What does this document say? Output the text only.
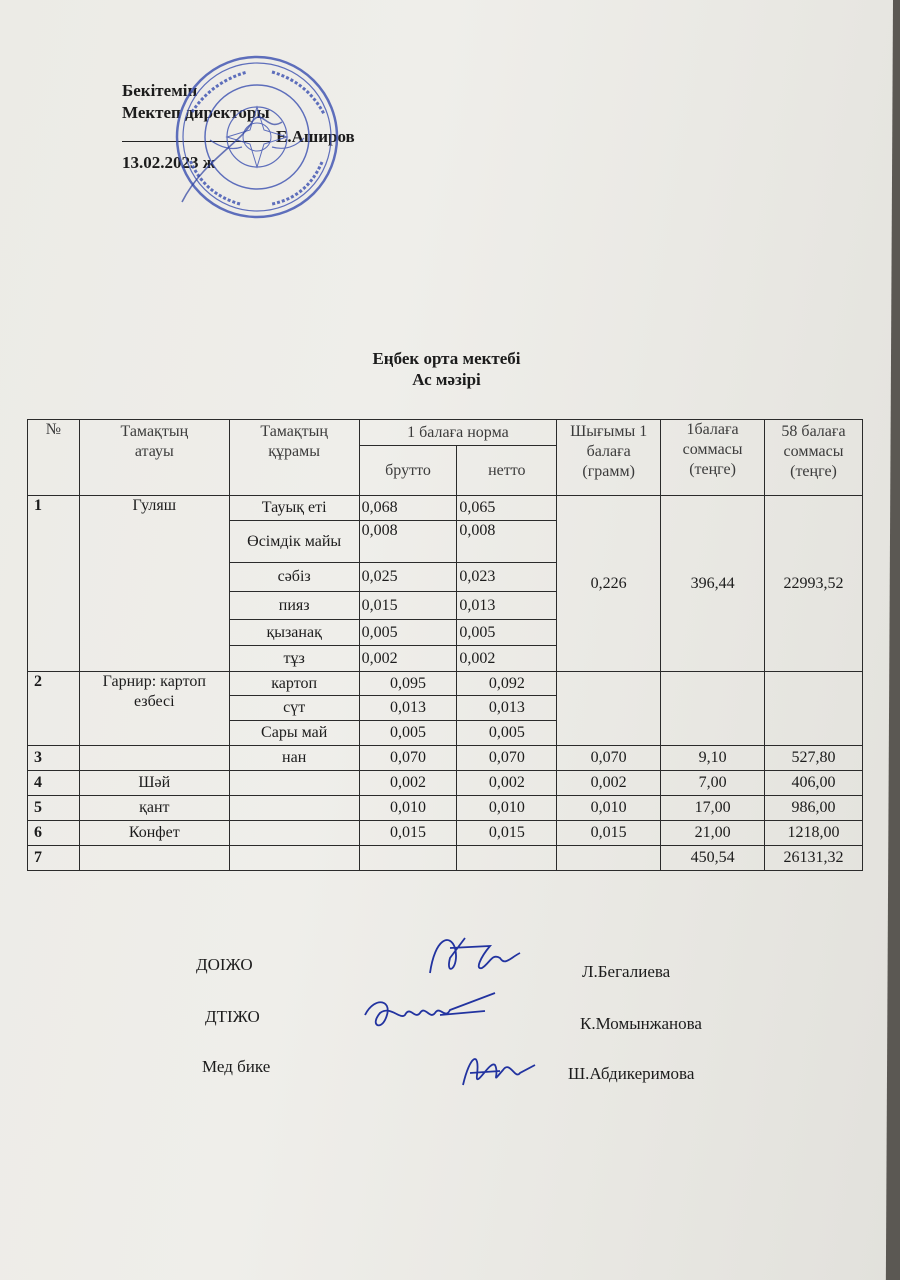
Бекітемін
Мектеп директоры
Е.Аширов
13.02.2023 ж
Еңбек орта мектебі
Ас мәзірі
№	Тамақтың атауы	Тамақтың құрамы	1 балаға норма		Шығымы 1 балаға (грамм)	1балаға соммасы (теңге)	58 балаға соммасы (теңге)
			брутто	нетто			
1	Гуляш	Тауық еті	0,068	0,065	0,226	396,44	22993,52
		Өсімдік майы	0,008	0,008			
		сәбіз	0,025	0,023			
		пияз	0,015	0,013			
		қызанақ	0,005	0,005			
		тұз	0,002	0,002			
2	Гарнир: картоп езбесі	картоп	0,095	0,092			
		сүт	0,013	0,013			
		Сары май	0,005	0,005			
3		нан	0,070	0,070	0,070	9,10	527,80
4	Шәй		0,002	0,002	0,002	7,00	406,00
5	қант		0,010	0,010	0,010	17,00	986,00
6	Конфет		0,015	0,015	0,015	21,00	1218,00
7						450,54	26131,32
ДОІЖО	Л.Бегалиева
ДТІЖО	К.Момынжанова
Мед бике	Ш.Абдикеримова
